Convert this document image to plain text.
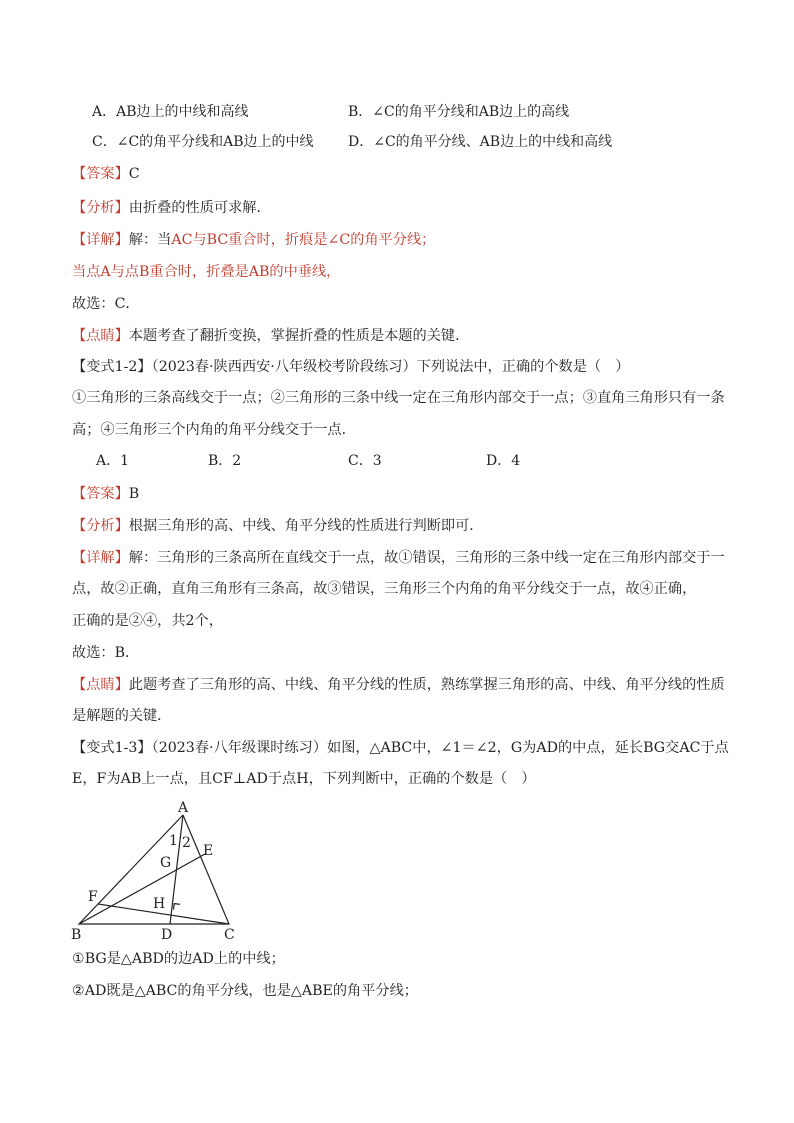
A．AB边上的中线和高线	B．∠C的角平分线和AB边上的高线
C．∠C的角平分线和AB边上的中线 D．∠C的角平分线、AB边上的中线和高线
【答案】C
【分析】由折叠的性质可求解．
【详解】解：当AC与BC重合时，折痕是∠C的角平分线；
当点A与点B重合时，折叠是AB的中垂线，
故选：C．
【点睛】本题考查了翻折变换，掌握折叠的性质是本题的关键．
【变式1-2】（2023春·陕西西安·八年级校考阶段练习）下列说法中，正确的个数是（　）
①三角形的三条高线交于一点；②三角形的三条中线一定在三角形内部交于一点；③直角三角形只有一条
高；④三角形三个内角的角平分线交于一点．
A．1	B．2	C．3	D．4
【答案】B
【分析】根据三角形的高、中线、角平分线的性质进行判断即可．
【详解】解：三角形的三条高所在直线交于一点，故①错误，三角形的三条中线一定在三角形内部交于一
点，故②正确，直角三角形有三条高，故③错误，三角形三个内角的角平分线交于一点，故④正确，
正确的是②④，共2个，
故选：B．
【点睛】此题考查了三角形的高、中线、角平分线的性质，熟练掌握三角形的高、中线、角平分线的性质
是解题的关键．
【变式1-3】（2023春·八年级课时练习）如图，△ABC中，∠1＝∠2，G为AD的中点，延长BG交AC于点
E，F为AB上一点，且CF⊥AD于点H，下列判断中，正确的个数是（　）
A
1 2 E
G
F	H
B	D	C
①BG是△ABD的边AD上的中线；
②AD既是△ABC的角平分线，也是△ABE的角平分线；
